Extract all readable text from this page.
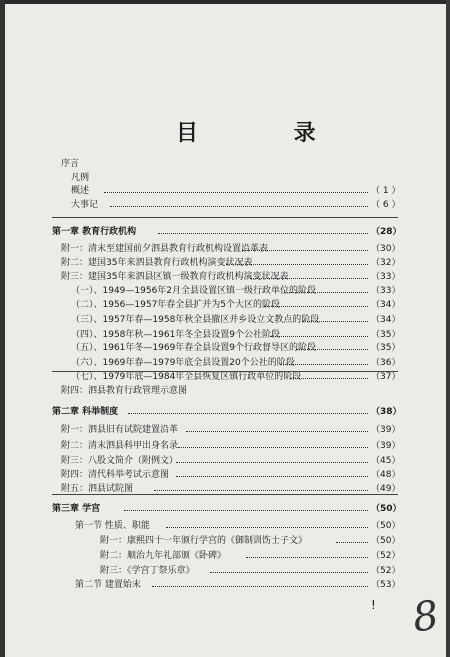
目 录
序言
凡例
概述	（ 1 ）
大事记	（ 6 ）
第一章 教育行政机构	（28）
附一：清末至建国前夕泗县教育行政机构设置沿革表	（30）
附二：建国35年来泗县教育行政机构演变状况表	（32）
附三：建国35年来泗县区镇一级教育行政机构演变状况表	（33）
（一）、1949—1956年2月全县设置区镇一级行政单位的阶段	（33）
（二）、1956—1957年春全县扩并为5个大区的阶段	（34）
（三）、1957年春—1958年秋全县撤区并乡设立文教点的阶段	（34）
（四）、1958年秋—1961年冬全县设置9个公社阶段	（35）
（五）、1961年冬—1969年春全县设置9个行政督导区的阶段	（35）
（六）、1969年春—1979年底全县设置20个公社的阶段	（36）
（七）、1979年底—1984年全县恢复区镇行政单位的阶段	（37）
附四：泗县教育行政管理示意图
第二章 科举制度	（38）
附一：泗县旧有试院建置沿革	（39）
附二：清末泗县科甲出身名录	（39）
附三：八股文简介（附例文）	（45）
附四：清代科举考试示意图	（48）
附五：泗县试院图	（49）
第三章 学宫	（50）
第一节 性质、职能	（50）
附一：康熙四十一年颁行学宫的《御制训饬士子文》	（50）
附二：顺治九年礼部颁《卧碑》	（52）
附三：《学宫丁祭乐章》	（52）
第二节 建置始末	（53）
! 8
